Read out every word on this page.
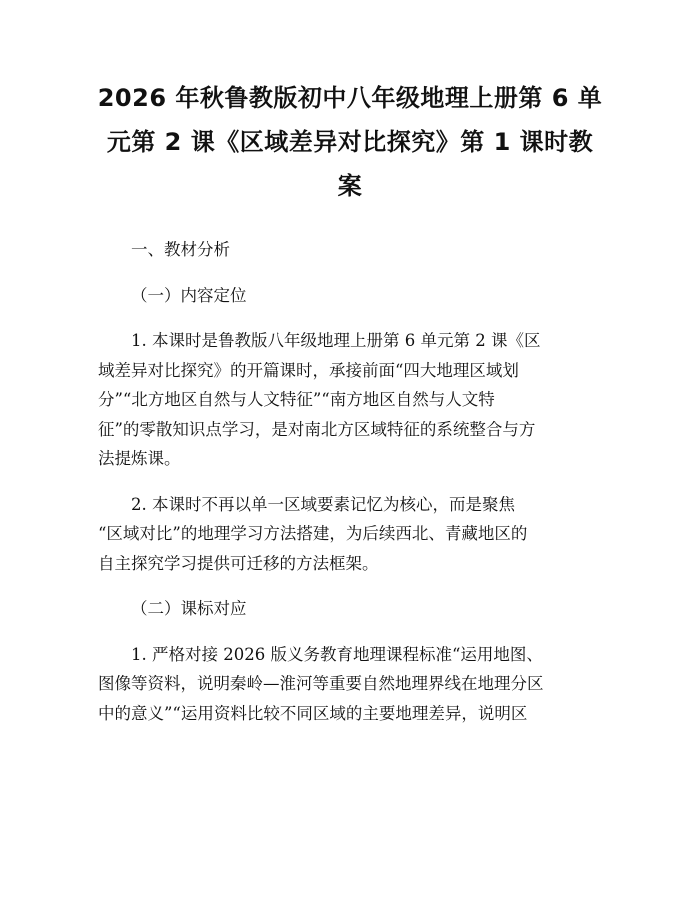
2026 年秋鲁教版初中八年级地理上册第 6 单
元第 2 课《区域差异对比探究》第 1 课时教
案

一、教材分析

（一）内容定位

1. 本课时是鲁教版八年级地理上册第 6 单元第 2 课《区
域差异对比探究》的开篇课时，承接前面“四大地理区域划
分”“北方地区自然与人文特征”“南方地区自然与人文特
征”的零散知识点学习，是对南北方区域特征的系统整合与方
法提炼课。

2. 本课时不再以单一区域要素记忆为核心，而是聚焦
“区域对比”的地理学习方法搭建，为后续西北、青藏地区的
自主探究学习提供可迁移的方法框架。

（二）课标对应

1. 严格对接 2026 版义务教育地理课程标准“运用地图、
图像等资料，说明秦岭—淮河等重要自然地理界线在地理分区
中的意义”“运用资料比较不同区域的主要地理差异，说明区
